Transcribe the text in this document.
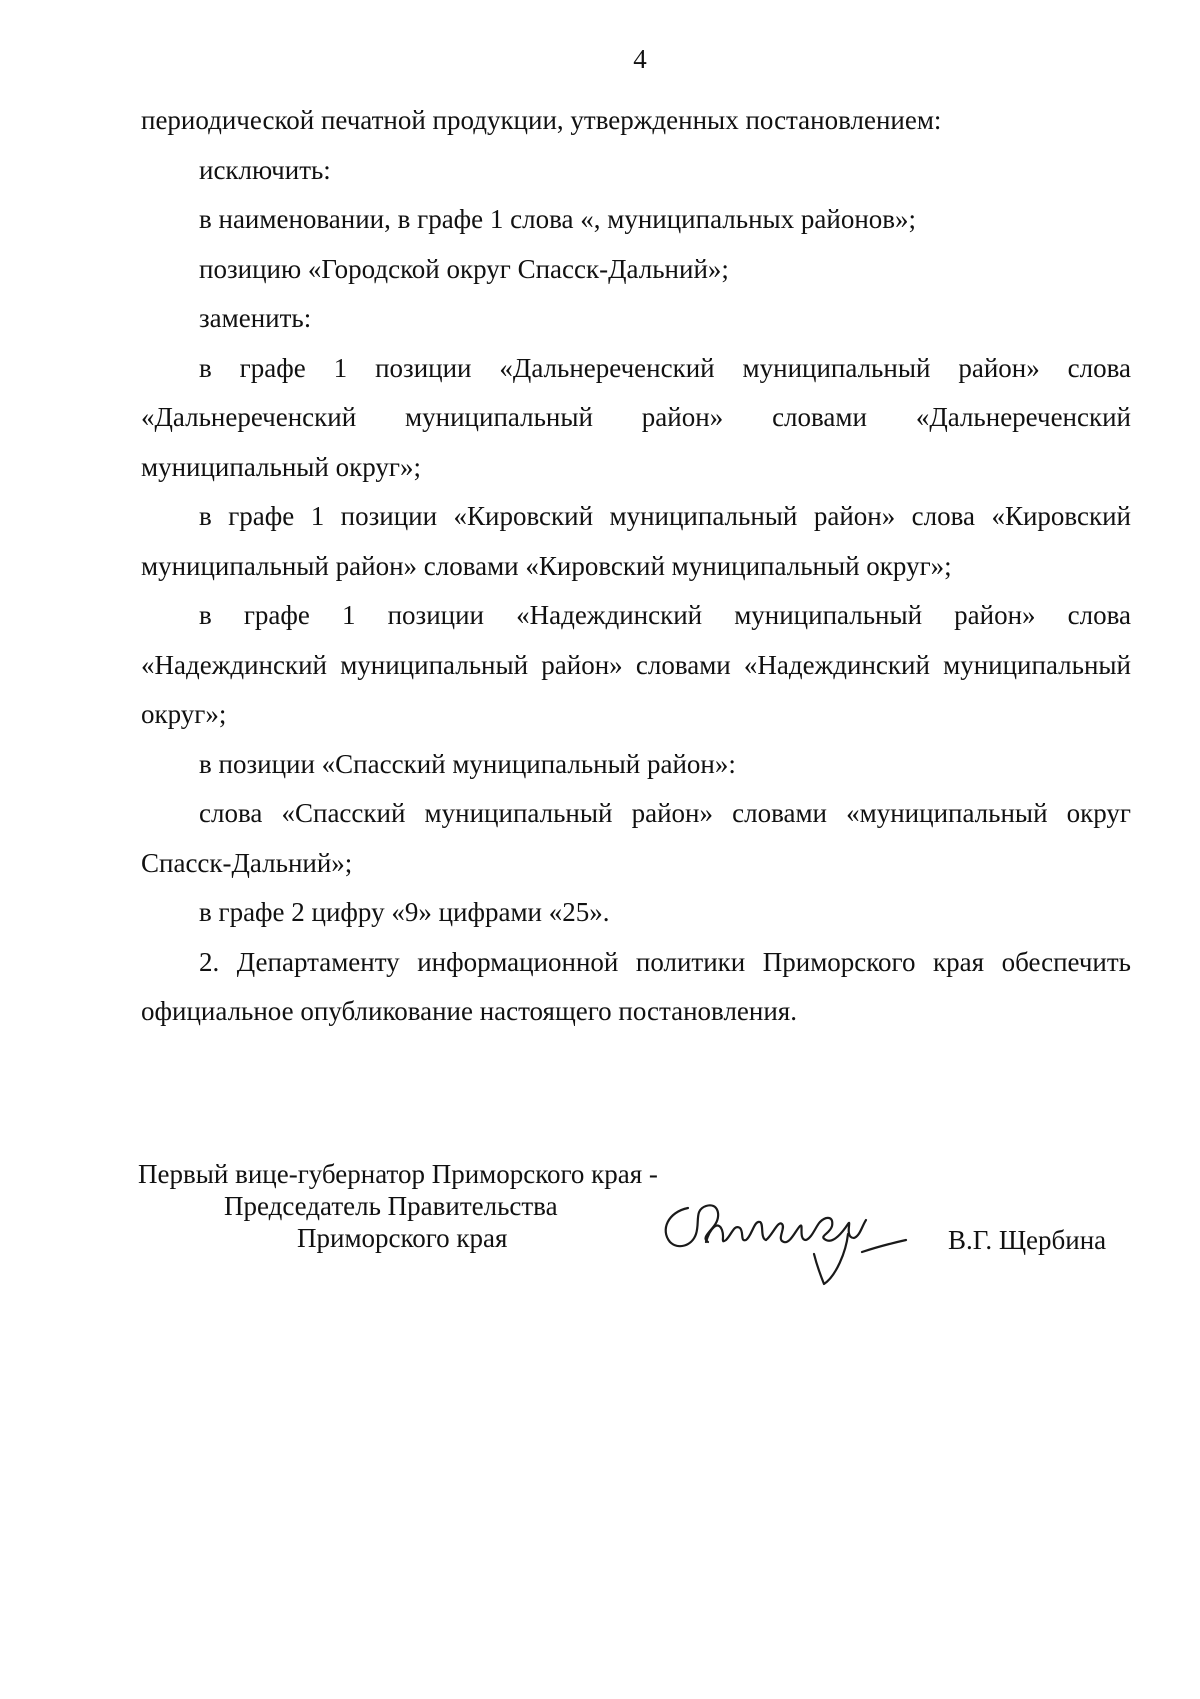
4

периодической печатной продукции, утвержденных постановлением:

исключить:

в наименовании, в графе 1 слова «, муниципальных районов»;

позицию «Городской округ Спасск-Дальний»;

заменить:

в графе 1 позиции «Дальнереченский муниципальный район» слова «Дальнереченский муниципальный район» словами «Дальнереченский муниципальный округ»;

в графе 1 позиции «Кировский муниципальный район» слова «Кировский муниципальный район» словами «Кировский муниципальный округ»;

в графе 1 позиции «Надеждинский муниципальный район» слова «Надеждинский муниципальный район» словами «Надеждинский муниципальный округ»;

в позиции «Спасский муниципальный район»:

слова «Спасский муниципальный район» словами «муниципальный округ Спасск-Дальний»;

в графе 2 цифру «9» цифрами «25».

2. Департаменту информационной политики Приморского края обеспечить официальное опубликование настоящего постановления.

Первый вице-губернатор Приморского края -
Председатель Правительства
Приморского края	В.Г. Щербина
